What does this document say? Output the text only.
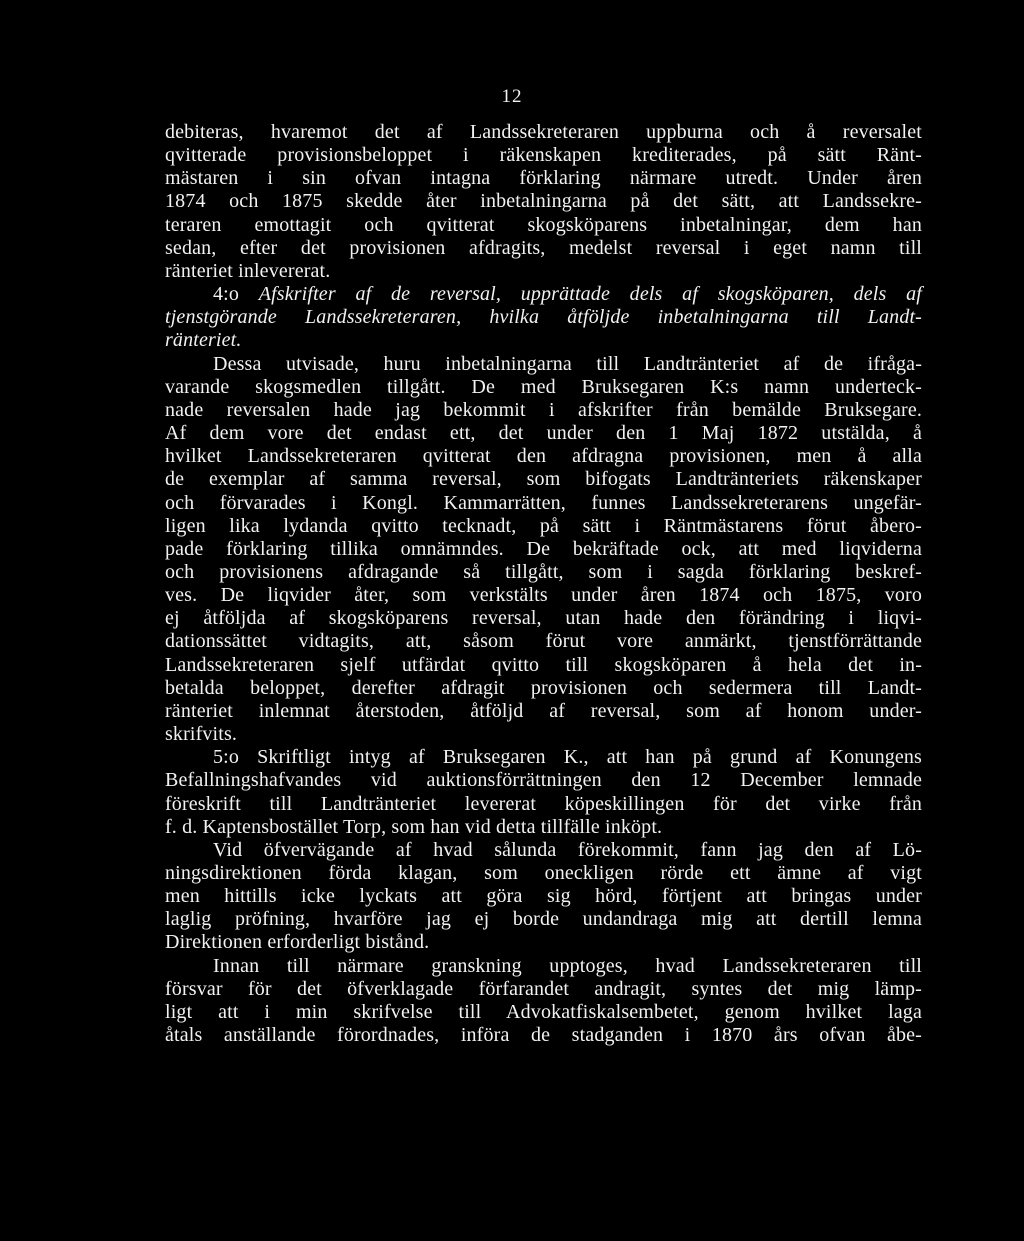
12
debiteras, hvaremot det af Landssekreteraren uppburna och å reversalet
qvitterade provisionsbeloppet i räkenskapen krediterades, på sätt Ränt-
mästaren i sin ofvan intagna förklaring närmare utredt. Under åren
1874 och 1875 skedde åter inbetalningarna på det sätt, att Landssekre-
teraren emottagit och qvitterat skogsköparens inbetalningar, dem han
sedan, efter det provisionen afdragits, medelst reversal i eget namn till
ränteriet inlevererat.
4:o Afskrifter af de reversal, upprättade dels af skogsköparen, dels af
tjenstgörande Landssekreteraren, hvilka åtföljde inbetalningarna till Landt-
ränteriet.
Dessa utvisade, huru inbetalningarna till Landtränteriet af de ifråga-
varande skogsmedlen tillgått. De med Bruksegaren K:s namn underteck-
nade reversalen hade jag bekommit i afskrifter från bemälde Bruksegare.
Af dem vore det endast ett, det under den 1 Maj 1872 utstälda, å
hvilket Landssekreteraren qvitterat den afdragna provisionen, men å alla
de exemplar af samma reversal, som bifogats Landtränteriets räkenskaper
och förvarades i Kongl. Kammarrätten, funnes Landssekreterarens ungefär-
ligen lika lydanda qvitto tecknadt, på sätt i Räntmästarens förut åbero-
pade förklaring tillika omnämndes. De bekräftade ock, att med liqviderna
och provisionens afdragande så tillgått, som i sagda förklaring beskref-
ves. De liqvider åter, som verkstälts under åren 1874 och 1875, voro
ej åtföljda af skogsköparens reversal, utan hade den förändring i liqvi-
dationssättet vidtagits, att, såsom förut vore anmärkt, tjenstförrättande
Landssekreteraren sjelf utfärdat qvitto till skogsköparen å hela det in-
betalda beloppet, derefter afdragit provisionen och sedermera till Landt-
ränteriet inlemnat återstoden, åtföljd af reversal, som af honom under-
skrifvits.
5:o Skriftligt intyg af Bruksegaren K., att han på grund af Konungens
Befallningshafvandes vid auktionsförrättningen den 12 December lemnade
föreskrift till Landtränteriet levererat köpeskillingen för det virke från
f. d. Kaptensbostället Torp, som han vid detta tillfälle inköpt.
Vid öfvervägande af hvad sålunda förekommit, fann jag den af Lö-
ningsdirektionen förda klagan, som oneckligen rörde ett ämne af vigt
men hittills icke lyckats att göra sig hörd, förtjent att bringas under
laglig pröfning, hvarföre jag ej borde undandraga mig att dertill lemna
Direktionen erforderligt bistånd.
Innan till närmare granskning upptoges, hvad Landssekreteraren till
försvar för det öfverklagade förfarandet andragit, syntes det mig lämp-
ligt att i min skrifvelse till Advokatfiskalsembetet, genom hvilket laga
åtals anställande förordnades, införa de stadganden i 1870 års ofvan åbe-
